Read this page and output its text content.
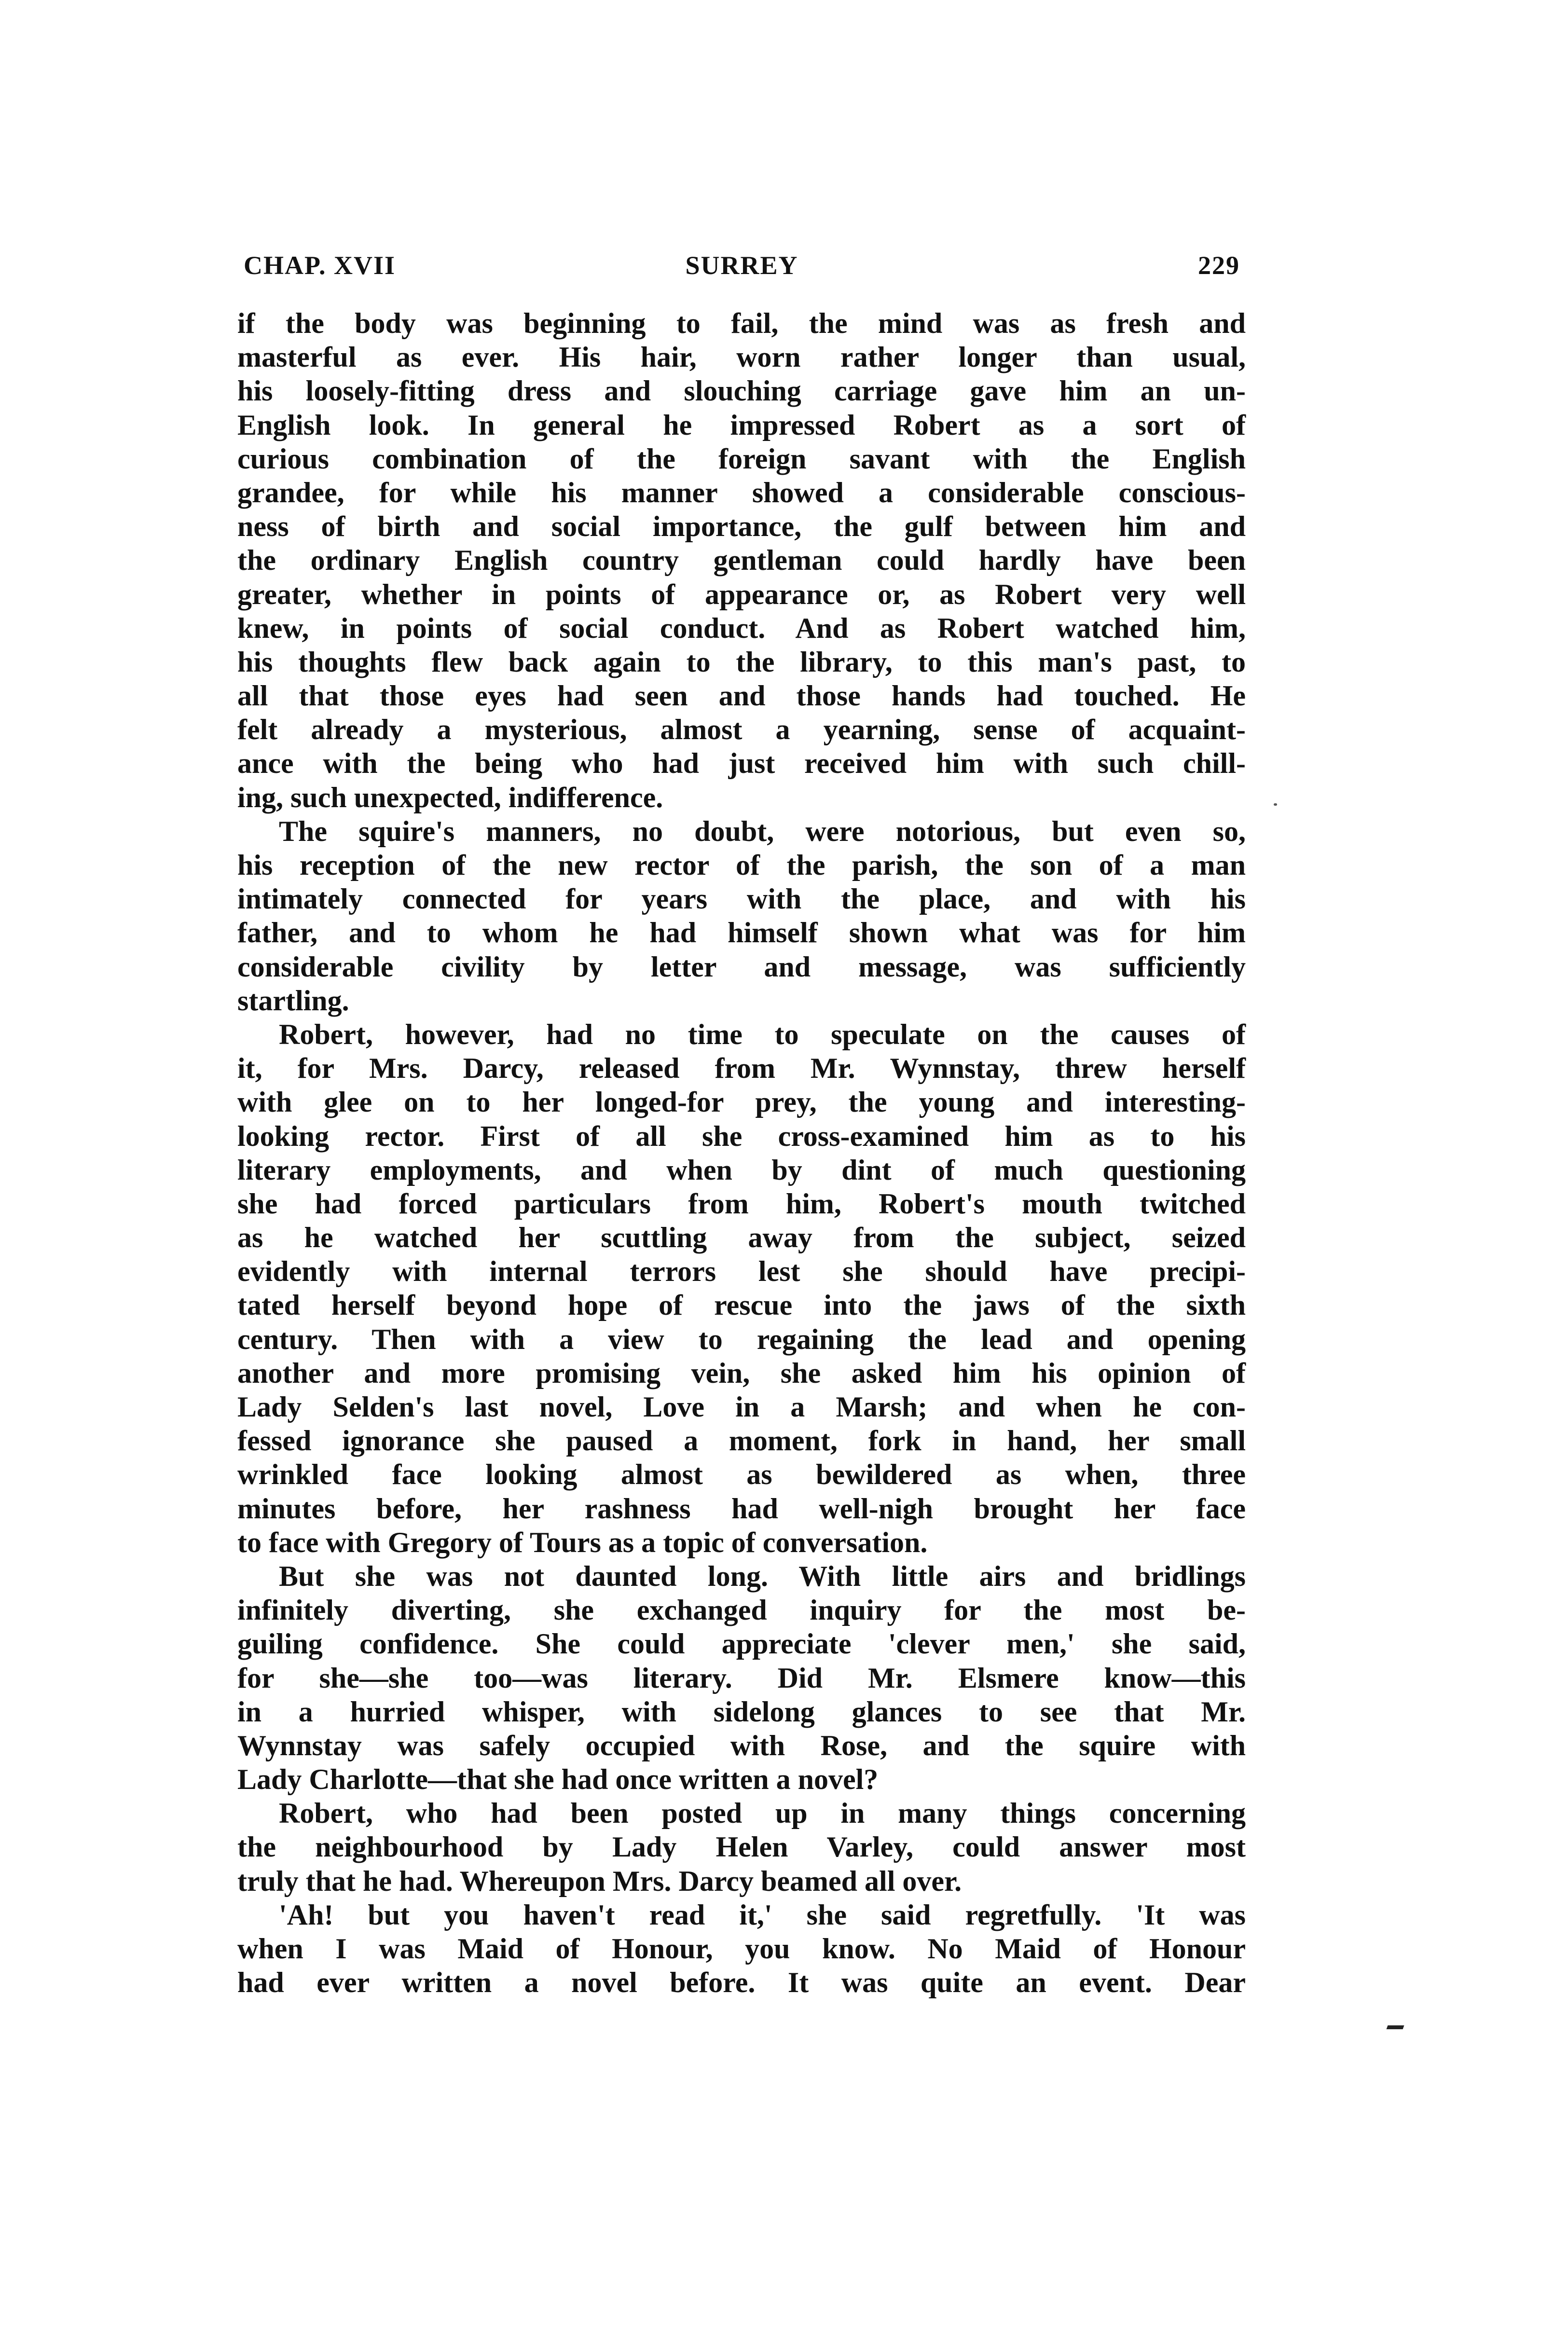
CHAP. XVII	SURREY	229
if the body was beginning to fail, the mind was as fresh and
masterful as ever. His hair, worn rather longer than usual,
his loosely-fitting dress and slouching carriage gave him an un-
English look. In general he impressed Robert as a sort of
curious combination of the foreign savant with the English
grandee, for while his manner showed a considerable conscious-
ness of birth and social importance, the gulf between him and
the ordinary English country gentleman could hardly have been
greater, whether in points of appearance or, as Robert very well
knew, in points of social conduct. And as Robert watched him,
his thoughts flew back again to the library, to this man's past, to
all that those eyes had seen and those hands had touched. He
felt already a mysterious, almost a yearning, sense of acquaint-
ance with the being who had just received him with such chill-
ing, such unexpected, indifference.
The squire's manners, no doubt, were notorious, but even so,
his reception of the new rector of the parish, the son of a man
intimately connected for years with the place, and with his
father, and to whom he had himself shown what was for him
considerable civility by letter and message, was sufficiently
startling.
Robert, however, had no time to speculate on the causes of
it, for Mrs. Darcy, released from Mr. Wynnstay, threw herself
with glee on to her longed-for prey, the young and interesting-
looking rector. First of all she cross-examined him as to his
literary employments, and when by dint of much questioning
she had forced particulars from him, Robert's mouth twitched
as he watched her scuttling away from the subject, seized
evidently with internal terrors lest she should have precipi-
tated herself beyond hope of rescue into the jaws of the sixth
century. Then with a view to regaining the lead and opening
another and more promising vein, she asked him his opinion of
Lady Selden's last novel, Love in a Marsh; and when he con-
fessed ignorance she paused a moment, fork in hand, her small
wrinkled face looking almost as bewildered as when, three
minutes before, her rashness had well-nigh brought her face
to face with Gregory of Tours as a topic of conversation.
But she was not daunted long. With little airs and bridlings
infinitely diverting, she exchanged inquiry for the most be-
guiling confidence. She could appreciate 'clever men,' she said,
for she—she too—was literary. Did Mr. Elsmere know—this
in a hurried whisper, with sidelong glances to see that Mr.
Wynnstay was safely occupied with Rose, and the squire with
Lady Charlotte—that she had once written a novel?
Robert, who had been posted up in many things concerning
the neighbourhood by Lady Helen Varley, could answer most
truly that he had. Whereupon Mrs. Darcy beamed all over.
'Ah! but you haven't read it,' she said regretfully. 'It was
when I was Maid of Honour, you know. No Maid of Honour
had ever written a novel before. It was quite an event. Dear
